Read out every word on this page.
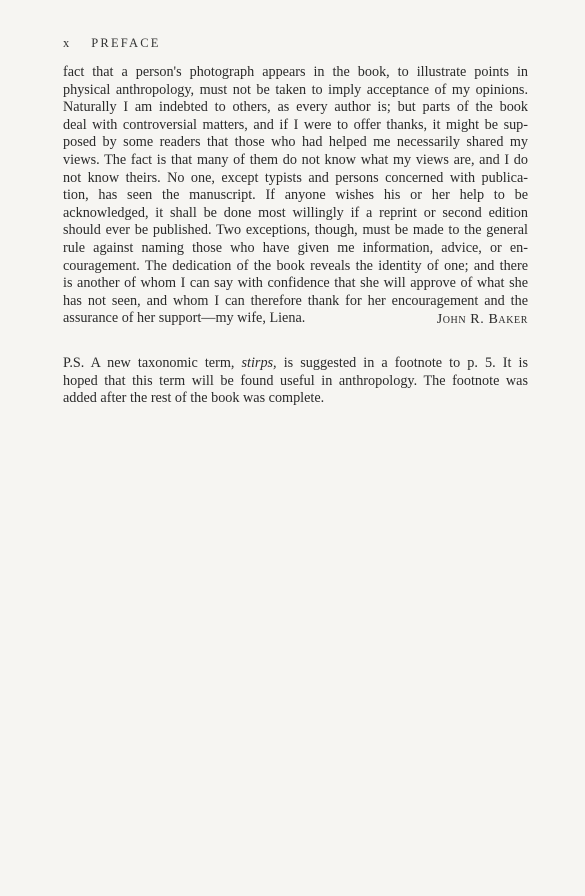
x PREFACE
fact that a person's photograph appears in the book, to illustrate points in
physical anthropology, must not be taken to imply acceptance of my opinions.
Naturally I am indebted to others, as every author is; but parts of the book
deal with controversial matters, and if I were to offer thanks, it might be sup-
posed by some readers that those who had helped me necessarily shared my
views. The fact is that many of them do not know what my views are, and I do
not know theirs. No one, except typists and persons concerned with publica-
tion, has seen the manuscript. If anyone wishes his or her help to be
acknowledged, it shall be done most willingly if a reprint or second edition
should ever be published. Two exceptions, though, must be made to the general
rule against naming those who have given me information, advice, or en-
couragement. The dedication of the book reveals the identity of one; and there
is another of whom I can say with confidence that she will approve of what she
has not seen, and whom I can therefore thank for her encouragement and the
assurance of her support—my wife, Liena.	John R. Baker
P.S. A new taxonomic term, stirps, is suggested in a footnote to p. 5. It is
hoped that this term will be found useful in anthropology. The footnote was
added after the rest of the book was complete.
